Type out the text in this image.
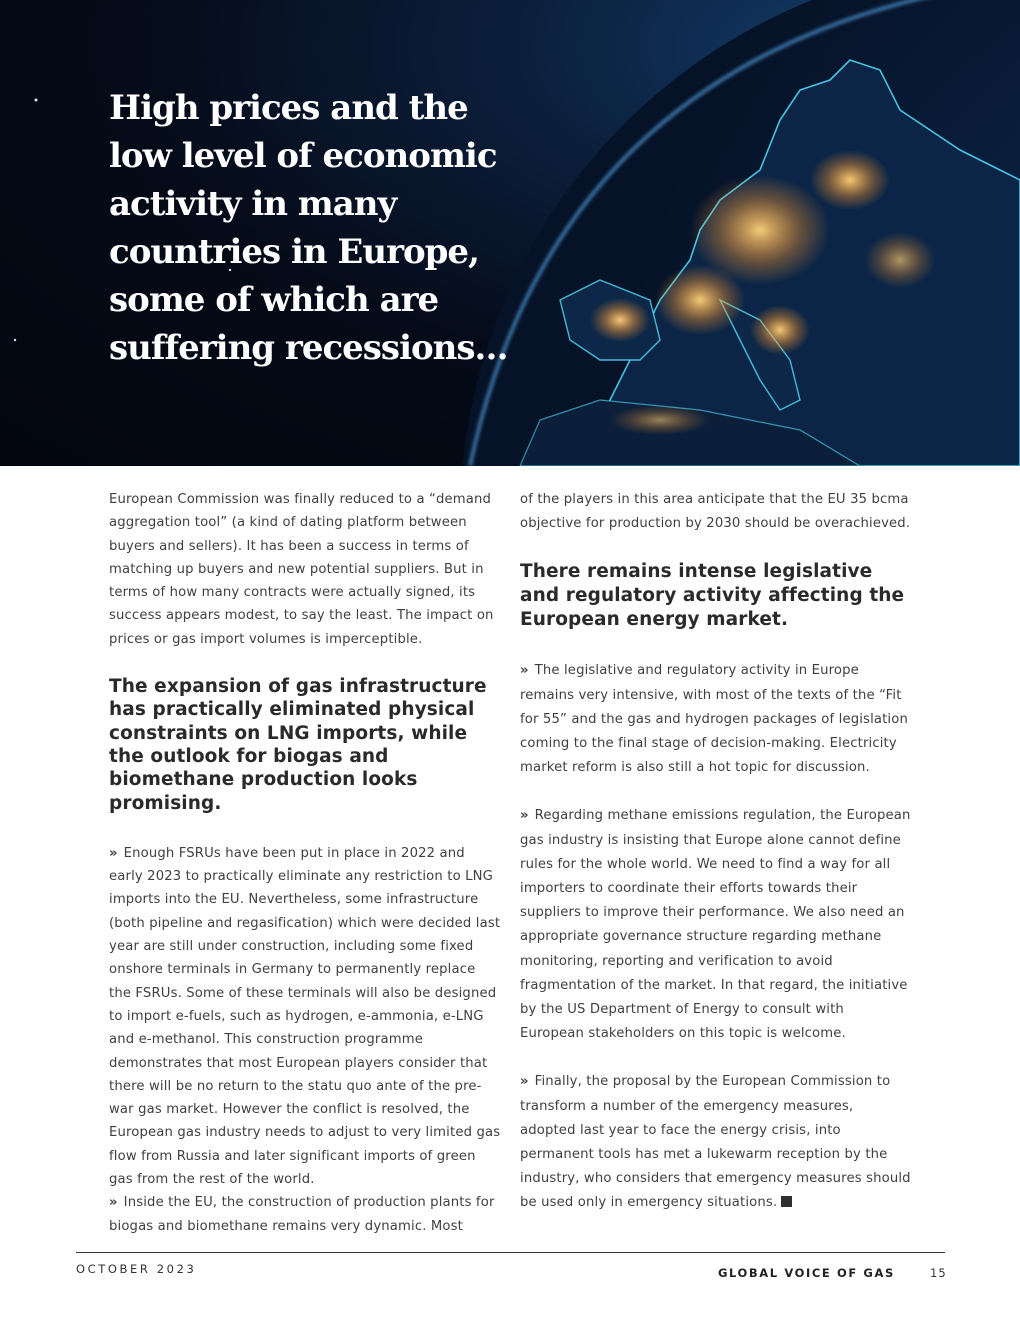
High prices and the low level of economic activity in many countries in Europe, some of which are suffering recessions…

European Commission was finally reduced to a “demand aggregation tool” (a kind of dating platform between buyers and sellers). It has been a success in terms of matching up buyers and new potential suppliers. But in terms of how many contracts were actually signed, its success appears modest, to say the least. The impact on prices or gas import volumes is imperceptible.

The expansion of gas infrastructure has practically eliminated physical constraints on LNG imports, while the outlook for biogas and biomethane production looks promising.

» Enough FSRUs have been put in place in 2022 and early 2023 to practically eliminate any restriction to LNG imports into the EU. Nevertheless, some infrastructure (both pipeline and regasification) which were decided last year are still under construction, including some fixed onshore terminals in Germany to permanently replace the FSRUs. Some of these terminals will also be designed to import e-fuels, such as hydrogen, e-ammonia, e-LNG and e-methanol. This construction programme demonstrates that most European players consider that there will be no return to the statu quo ante of the pre-war gas market. However the conflict is resolved, the European gas industry needs to adjust to very limited gas flow from Russia and later significant imports of green gas from the rest of the world.

» Inside the EU, the construction of production plants for biogas and biomethane remains very dynamic. Most

of the players in this area anticipate that the EU 35 bcma objective for production by 2030 should be overachieved.

There remains intense legislative and regulatory activity affecting the European energy market.

» The legislative and regulatory activity in Europe remains very intensive, with most of the texts of the “Fit for 55” and the gas and hydrogen packages of legislation coming to the final stage of decision-making. Electricity market reform is also still a hot topic for discussion.

» Regarding methane emissions regulation, the European gas industry is insisting that Europe alone cannot define rules for the whole world. We need to find a way for all importers to coordinate their efforts towards their suppliers to improve their performance. We also need an appropriate governance structure regarding methane monitoring, reporting and verification to avoid fragmentation of the market. In that regard, the initiative by the US Department of Energy to consult with European stakeholders on this topic is welcome.

» Finally, the proposal by the European Commission to transform a number of the emergency measures, adopted last year to face the energy crisis, into permanent tools has met a lukewarm reception by the industry, who considers that emergency measures should be used only in emergency situations.

OCTOBER 2023	GLOBAL VOICE OF GAS	15
